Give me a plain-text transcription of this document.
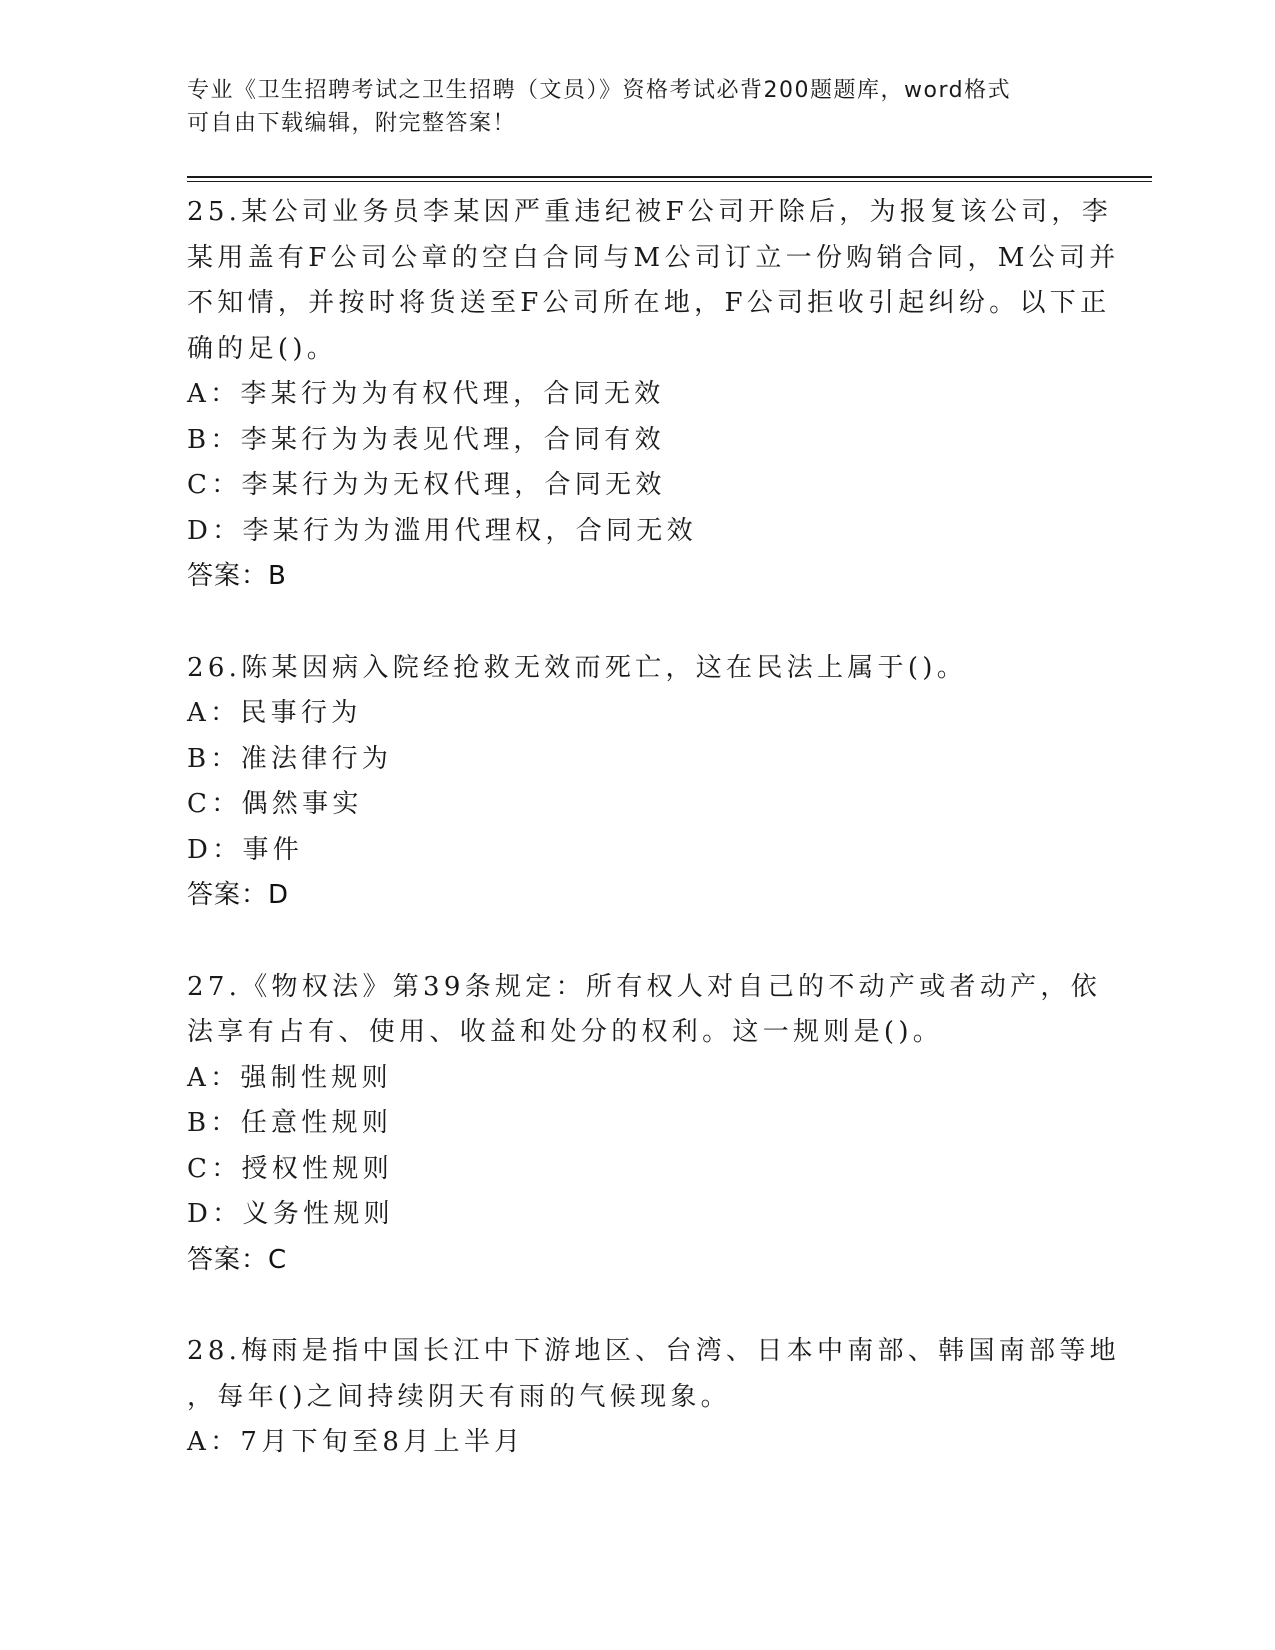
专业《卫生招聘考试之卫生招聘（文员）》资格考试必背200题题库，word格式
可自由下载编辑，附完整答案！
25.某公司业务员李某因严重违纪被F公司开除后，为报复该公司，李
某用盖有F公司公章的空白合同与M公司订立一份购销合同，M公司并
不知情，并按时将货送至F公司所在地，F公司拒收引起纠纷。以下正
确的足()。
A：李某行为为有权代理，合同无效
B：李某行为为表见代理，合同有效
C：李某行为为无权代理，合同无效
D：李某行为为滥用代理权，合同无效
答案：B
26.陈某因病入院经抢救无效而死亡，这在民法上属于()。
A：民事行为
B：准法律行为
C：偶然事实
D：事件
答案：D
27.《物权法》第39条规定：所有权人对自己的不动产或者动产，依
法享有占有、使用、收益和处分的权利。这一规则是()。
A：强制性规则
B：任意性规则
C：授权性规则
D：义务性规则
答案：C
28.梅雨是指中国长江中下游地区、台湾、日本中南部、韩国南部等地
，每年()之间持续阴天有雨的气候现象。
A：7月下旬至8月上半月
